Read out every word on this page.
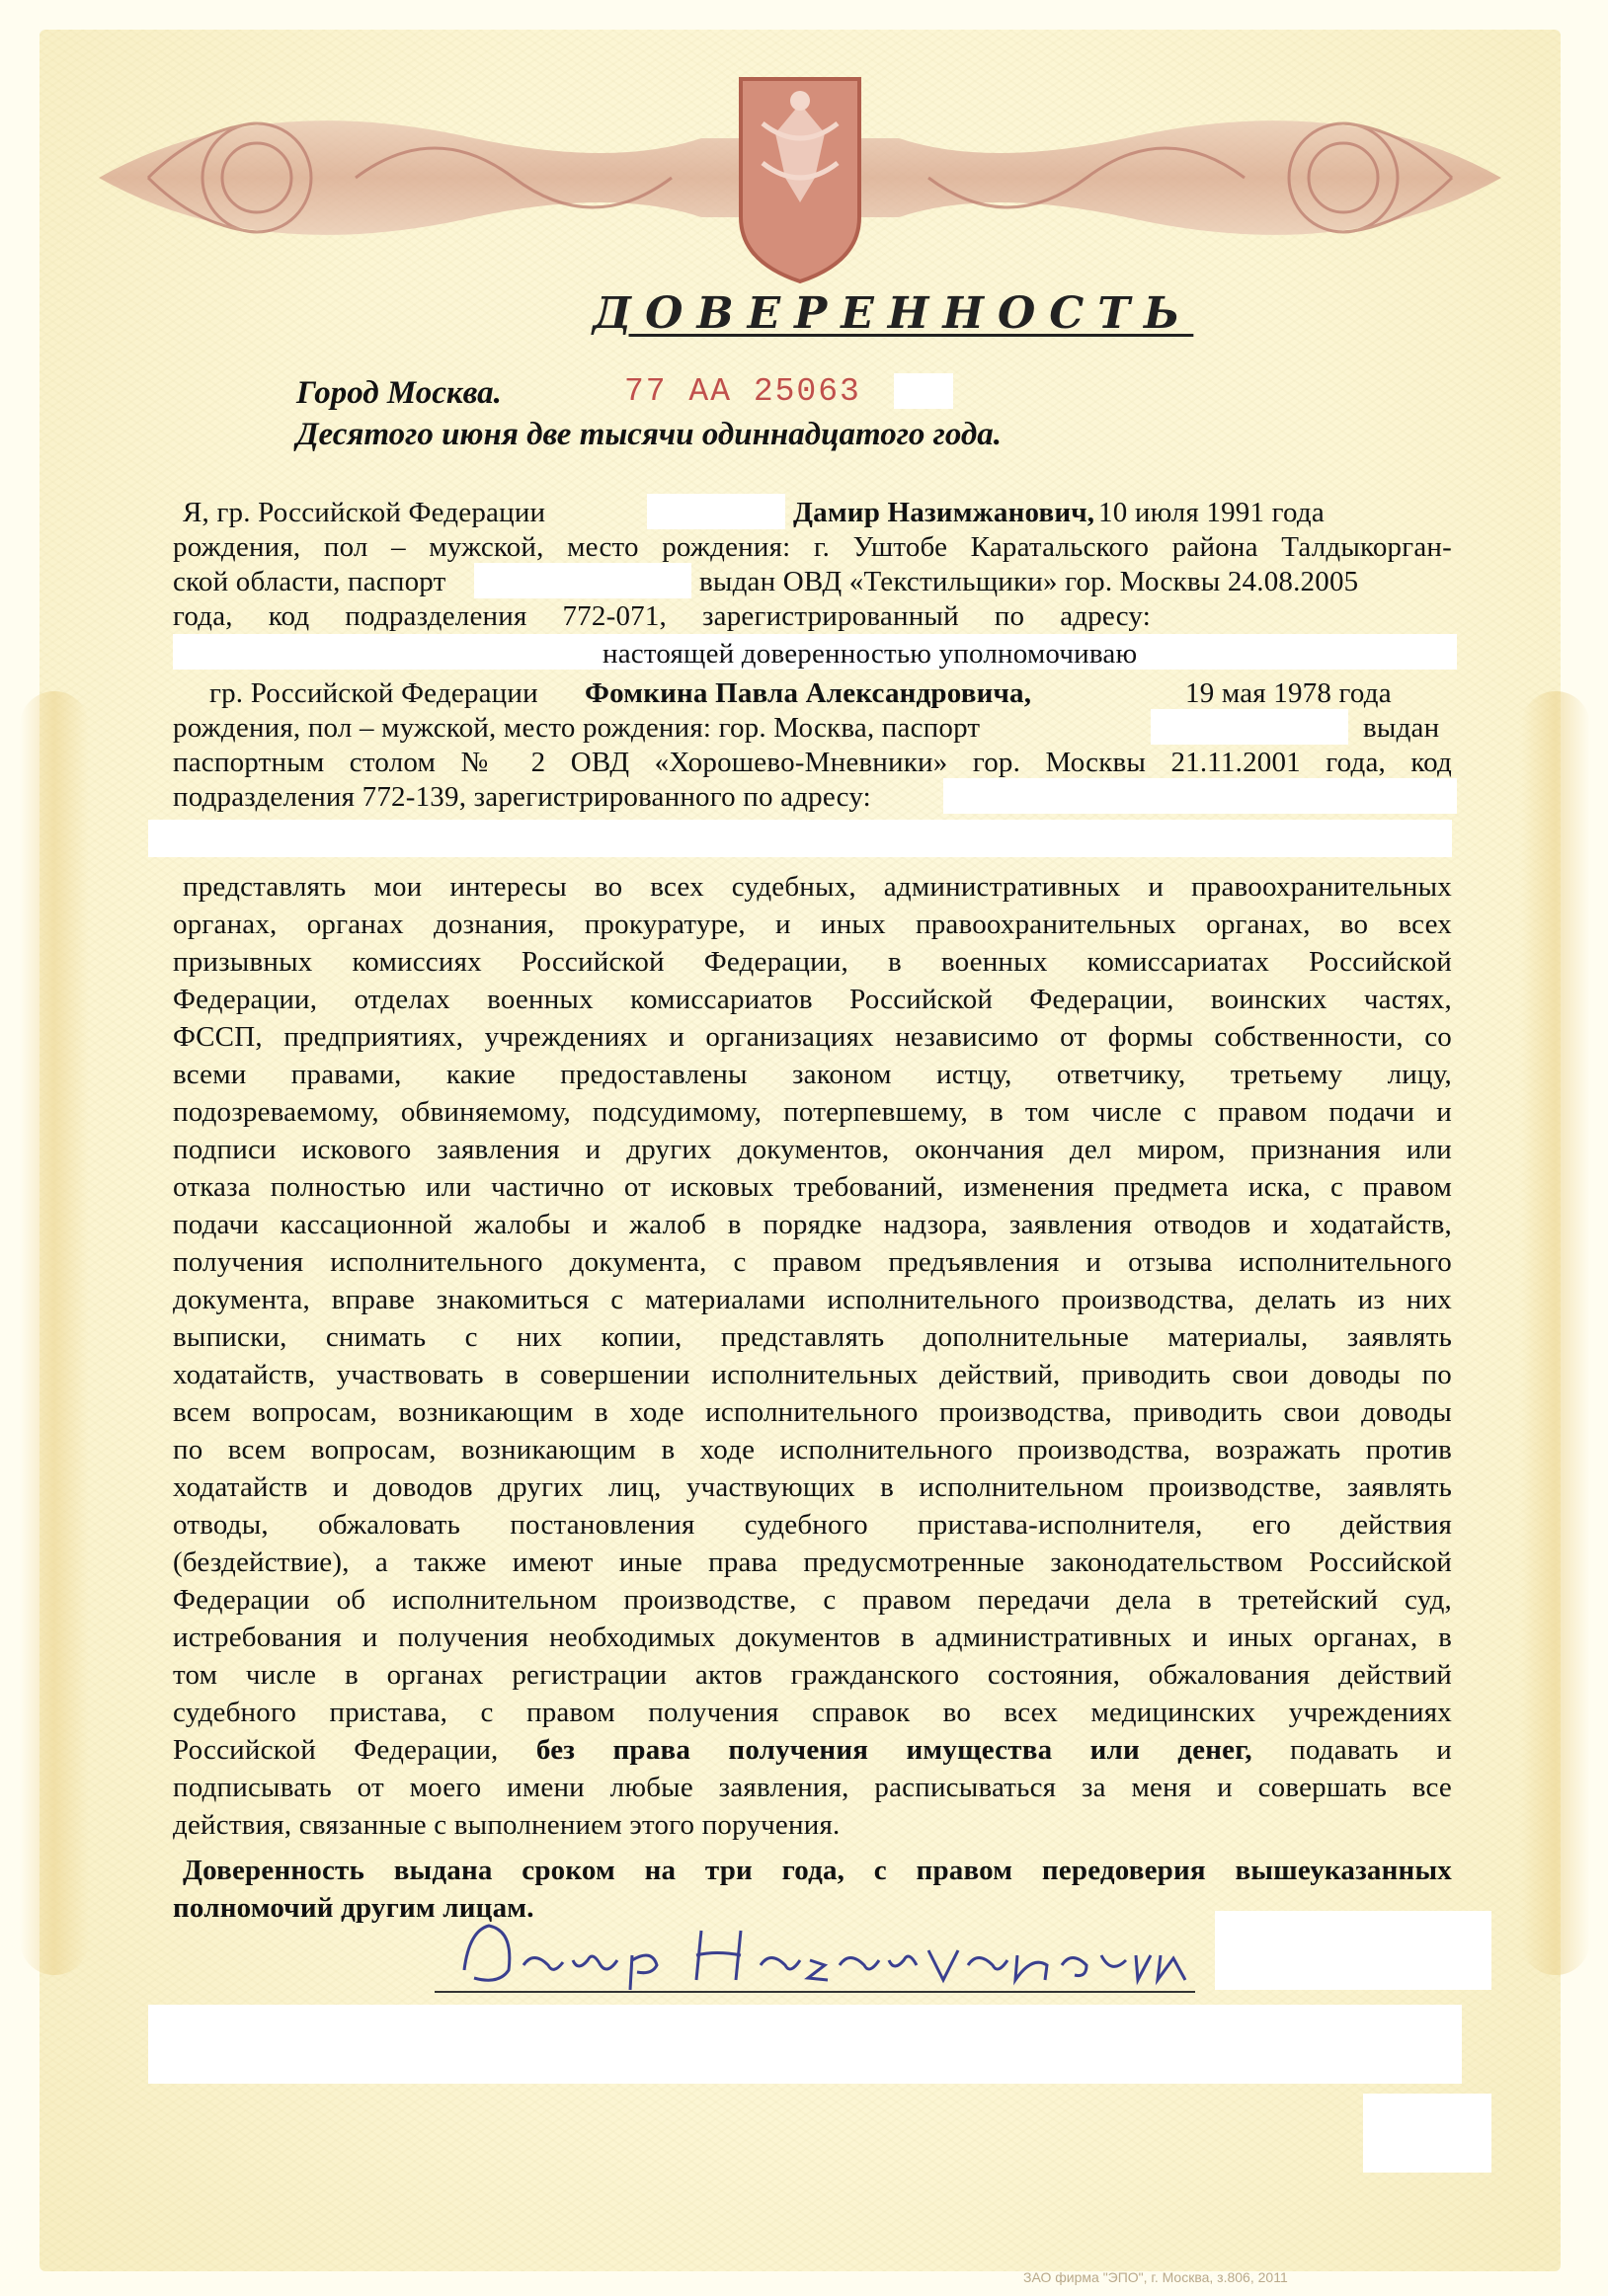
ДОВЕРЕННОСТЬ
Город Москва.	77 АА 25063
Десятого июня две тысячи одиннадцатого года.
Я, гр. Российской Федерации	Дамир Назимжанович, 10 июля 1991 года
рождения, пол – мужской, место рождения: г. Уштобе Каратальского района Талдыкорган-
ской области, паспорт	выдан ОВД «Текстильщики» гор. Москвы 24.08.2005
года, код подразделения 772-071, зарегистрированный по адресу:
настоящей доверенностью уполномочиваю
гр. Российской Федерации Фомкина Павла Александровича,	19 мая 1978 года
рождения, пол – мужской, место рождения: гор. Москва, паспорт	выдан
паспортным столом № 2 ОВД «Хорошево-Мневники» гор. Москвы 21.11.2001 года, код
подразделения 772-139, зарегистрированного по адресу:
представлять мои интересы во всех судебных, административных и правоохранительных
органах, органах дознания, прокуратуре, и иных правоохранительных органах, во всех
призывных комиссиях Российской Федерации, в военных комиссариатах Российской
Федерации, отделах военных комиссариатов Российской Федерации, воинских частях,
ФССП, предприятиях, учреждениях и организациях независимо от формы собственности, со
всеми правами, какие предоставлены законом истцу, ответчику, третьему лицу,
подозреваемому, обвиняемому, подсудимому, потерпевшему, в том числе с правом подачи и
подписи искового заявления и других документов, окончания дел миром, признания или
отказа полностью или частично от исковых требований, изменения предмета иска, с правом
подачи кассационной жалобы и жалоб в порядке надзора, заявления отводов и ходатайств,
получения исполнительного документа, с правом предъявления и отзыва исполнительного
документа, вправе знакомиться с материалами исполнительного производства, делать из них
выписки, снимать с них копии, представлять дополнительные материалы, заявлять
ходатайств, участвовать в совершении исполнительных действий, приводить свои доводы по
всем вопросам, возникающим в ходе исполнительного производства, приводить свои доводы
по всем вопросам, возникающим в ходе исполнительного производства, возражать против
ходатайств и доводов других лиц, участвующих в исполнительном производстве, заявлять
отводы, обжаловать постановления судебного пристава-исполнителя, его действия
(бездействие), а также имеют иные права предусмотренные законодательством Российской
Федерации об исполнительном производстве, с правом передачи дела в третейский суд,
истребования и получения необходимых документов в административных и иных органах, в
том числе в органах регистрации актов гражданского состояния, обжалования действий
судебного пристава, с правом получения справок во всех медицинских учреждениях
Российской Федерации, без права получения имущества или денег, подавать и
подписывать от моего имени любые заявления, расписываться за меня и совершать все
действия, связанные с выполнением этого поручения.
Доверенность выдана сроком на три года, с правом передоверия вышеуказанных
полномочий другим лицам.
ЗАО фирма "ЭПО", г. Москва, з.806, 2011
